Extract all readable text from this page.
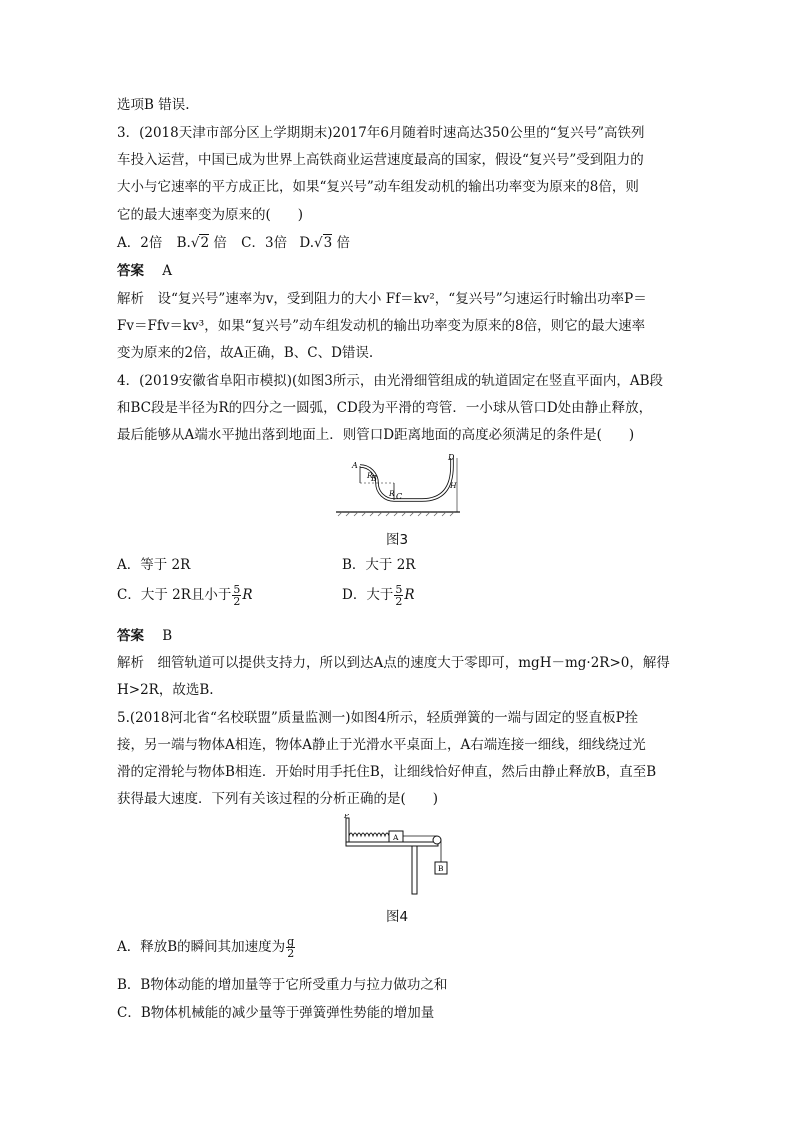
选项B 错误.
3．(2018天津市部分区上学期期末)2017年6月随着时速高达350公里的“复兴号”高铁列
车投入运营，中国已成为世界上高铁商业运营速度最高的国家，假设“复兴号”受到阻力的
大小与它速率的平方成正比，如果“复兴号”动车组发动机的输出功率变为原来的8倍，则
它的最大速率变为原来的(　　)
A．2倍 B.√2 倍 C．3倍 D.√3 倍
答案 A
解析　设“复兴号”速率为v，受到阻力的大小 Ff＝kv²，“复兴号”匀速运行时输出功率P＝
Fv＝Ffv＝kv³，如果“复兴号”动车组发动机的输出功率变为原来的8倍，则它的最大速率
变为原来的2倍，故A正确，B、C、D错误.
4．(2019安徽省阜阳市模拟)(如图3所示，由光滑细管组成的轨道固定在竖直平面内，AB段
和BC段是半径为R的四分之一圆弧，CD段为平滑的弯管．一小球从管口D处由静止释放，
最后能够从A端水平抛出落到地面上．则管口D距离地面的高度必须满足的条件是(　　)
A
B
C
D
R
R
H
图3
A．等于 2R	B．大于 2R
C．大于 2R且小于 $\frac{5}{2}$ R	D．大于 $\frac{5}{2}$ R
答案 B
解析　细管轨道可以提供支持力，所以到达A点的速度大于零即可，mgH－mg·2R>0，解得
H>2R，故选B.
5.(2018河北省“名校联盟”质量监测一)如图4所示，轻质弹簧的一端与固定的竖直板P拴
接，另一端与物体A相连，物体A静止于光滑水平桌面上，A右端连接一细线，细线绕过光
滑的定滑轮与物体B相连．开始时用手托住B，让细线恰好伸直，然后由静止释放B，直至B
获得最大速度．下列有关该过程的分析正确的是(　　)
P
A
B
图4
A．释放B的瞬间其加速度为 $\frac{g}{2}$
B．B物体动能的增加量等于它所受重力与拉力做功之和
C．B物体机械能的减少量等于弹簧弹性势能的增加量
